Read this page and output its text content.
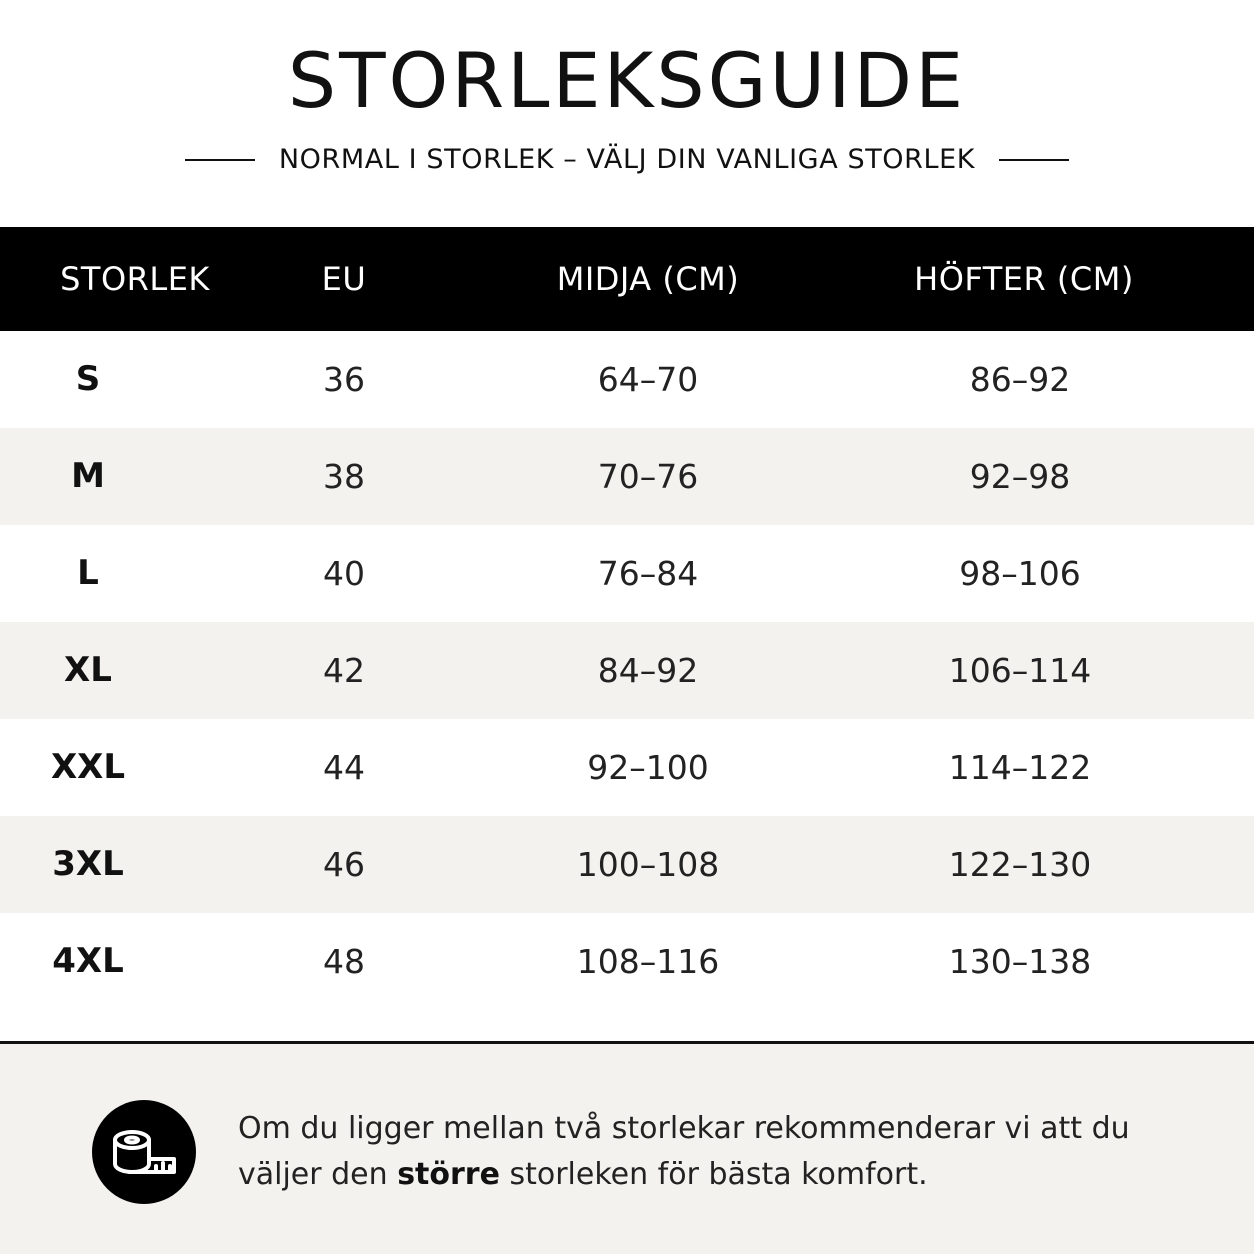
STORLEKSGUIDE
NORMAL I STORLEK – VÄLJ DIN VANLIGA STORLEK
STORLEK	EU	MIDJA (CM)	HÖFTER (CM)
S	36	64–70	86–92
M	38	70–76	92–98
L	40	76–84	98–106
XL	42	84–92	106–114
XXL	44	92–100	114–122
3XL	46	100–108	122–130
4XL	48	108–116	130–138

Om du ligger mellan två storlekar rekommenderar vi att du väljer den större storleken för bästa komfort.
